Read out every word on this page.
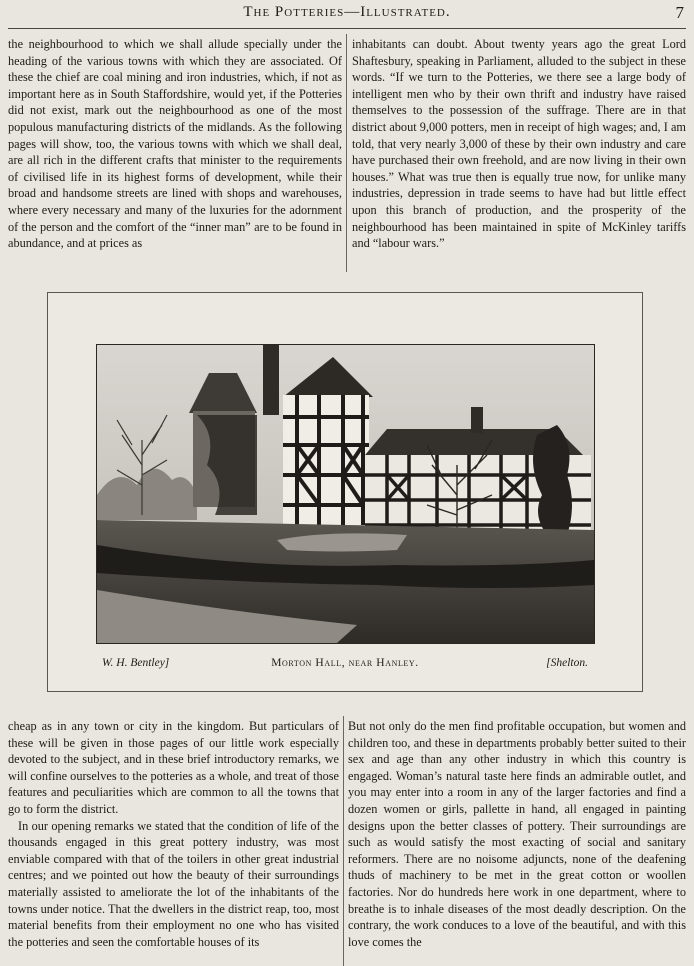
The Potteries—Illustrated.	7

the neighbourhood to which we shall allude specially under the heading of the various towns with which they are associated. Of these the chief are coal mining and iron industries, which, if not as important here as in South Staffordshire, would yet, if the Potteries did not exist, mark out the neighbourhood as one of the most populous manufacturing districts of the midlands. As the following pages will show, too, the various towns with which we shall deal, are all rich in the different crafts that minister to the requirements of civilised life in its highest forms of development, while their broad and handsome streets are lined with shops and warehouses, where every necessary and many of the luxuries for the adornment of the person and the comfort of the “inner man” are to be found in abundance, and at prices as

inhabitants can doubt. About twenty years ago the great Lord Shaftesbury, speaking in Parliament, alluded to the subject in these words. “If we turn to the Potteries, we there see a large body of intelligent men who by their own thrift and industry have raised themselves to the possession of the suffrage. There are in that district about 9,000 potters, men in receipt of high wages; and, I am told, that very nearly 3,000 of these by their own industry and care have purchased their own freehold, and are now living in their own houses.” What was true then is equally true now, for unlike many industries, depression in trade seems to have had but little effect upon this branch of production, and the prosperity of the neighbourhood has been maintained in spite of McKinley tariffs and “labour wars.”

W. H. Bentley]	Morton Hall, near Hanley.	[Shelton.

cheap as in any town or city in the kingdom. But particulars of these will be given in those pages of our little work especially devoted to the subject, and in these brief introductory remarks, we will confine ourselves to the potteries as a whole, and treat of those features and peculiarities which are common to all the towns that go to form the district.

In our opening remarks we stated that the condition of life of the thousands engaged in this great pottery industry, was most enviable compared with that of the toilers in other great industrial centres; and we pointed out how the beauty of their surroundings materially assisted to ameliorate the lot of the inhabitants of the towns under notice. That the dwellers in the district reap, too, most material benefits from their employment no one who has visited the potteries and seen the comfortable houses of its

But not only do the men find profitable occupation, but women and children too, and these in departments probably better suited to their sex and age than any other industry in which this country is engaged. Woman’s natural taste here finds an admirable outlet, and you may enter into a room in any of the larger factories and find a dozen women or girls, pallette in hand, all engaged in painting designs upon the better classes of pottery. Their surroundings are such as would satisfy the most exacting of social and sanitary reformers. There are no noisome adjuncts, none of the deafening thuds of machinery to be met in the great cotton or woollen factories. Nor do hundreds here work in one department, where to breathe is to inhale diseases of the most deadly description. On the contrary, the work conduces to a love of the beautiful, and with this love comes the
